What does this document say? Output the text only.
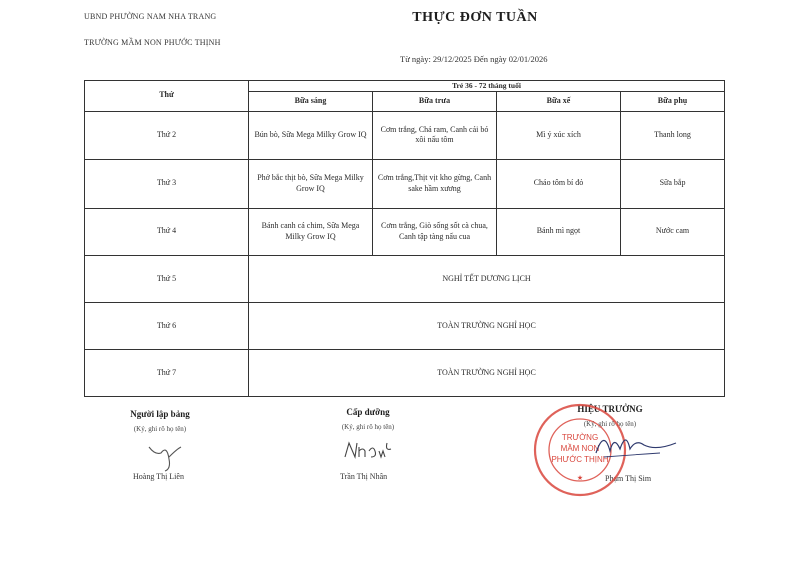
UBND PHƯỜNG NAM NHA TRANG
TRƯỜNG MẦM NON PHƯỚC THỊNH
THỰC ĐƠN TUẦN
Từ ngày: 29/12/2025 Đến ngày 02/01/2026
Thứ	Trẻ 36 - 72 tháng tuổi			
	Bữa sáng	Bữa trưa	Bữa xế	Bữa phụ
Thứ 2	Bún bò, Sữa Mega Milky Grow IQ	Cơm trắng, Chả ram, Canh cải bó xôi nấu tôm	Mì ý xúc xích	Thanh long
Thứ 3	Phở bắc thịt bò, Sữa Mega Milky Grow IQ	Cơm trắng,Thịt vịt kho gừng, Canh sake hầm xương	Cháo tôm bí đỏ	Sữa bắp
Thứ 4	Bánh canh cá chim, Sữa Mega Milky Grow IQ	Cơm trắng, Giò sống sốt cà chua, Canh tập tàng nấu cua	Bánh mì ngọt	Nước cam
Thứ 5	NGHỈ TẾT DƯƠNG LỊCH			
Thứ 6	TOÀN TRƯỜNG NGHỈ HỌC			
Thứ 7	TOÀN TRƯỜNG NGHỈ HỌC			
Người lập bảng
(Ký, ghi rõ họ tên)
Hoàng Thị Liên
Cấp dưỡng
(Ký, ghi rõ họ tên)
Trần Thị Nhân
HIỆU TRƯỞNG
(Ký, ghi rõ họ tên)
Phạm Thị Sim
TRƯỜNG
MẦM NON
PHƯỚC THỊNH
★
